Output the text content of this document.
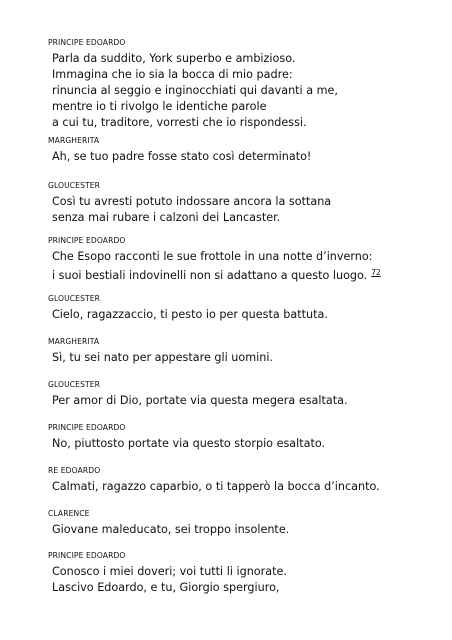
PRINCIPE EDOARDO
Parla da suddito, York superbo e ambizioso.
Immagina che io sia la bocca di mio padre:
rinuncia al seggio e inginocchiati qui davanti a me,
mentre io ti rivolgo le identiche parole
a cui tu, traditore, vorresti che io rispondessi.
MARGHERITA
Ah, se tuo padre fosse stato così determinato!
GLOUCESTER
Così tu avresti potuto indossare ancora la sottana
senza mai rubare i calzoni dei Lancaster.
PRINCIPE EDOARDO
Che Esopo racconti le sue frottole in una notte d’inverno:
i suoi bestiali indovinelli non si adattano a questo luogo. $^{72}$
GLOUCESTER
Cielo, ragazzaccio, ti pesto io per questa battuta.
MARGHERITA
Sì, tu sei nato per appestare gli uomini.
GLOUCESTER
Per amor di Dio, portate via questa megera esaltata.
PRINCIPE EDOARDO
No, piuttosto portate via questo storpio esaltato.
RE EDOARDO
Calmati, ragazzo caparbio, o ti tapperò la bocca d’incanto.
CLARENCE
Giovane maleducato, sei troppo insolente.
PRINCIPE EDOARDO
Conosco i miei doveri; voi tutti li ignorate.
Lascivo Edoardo, e tu, Giorgio spergiuro,
